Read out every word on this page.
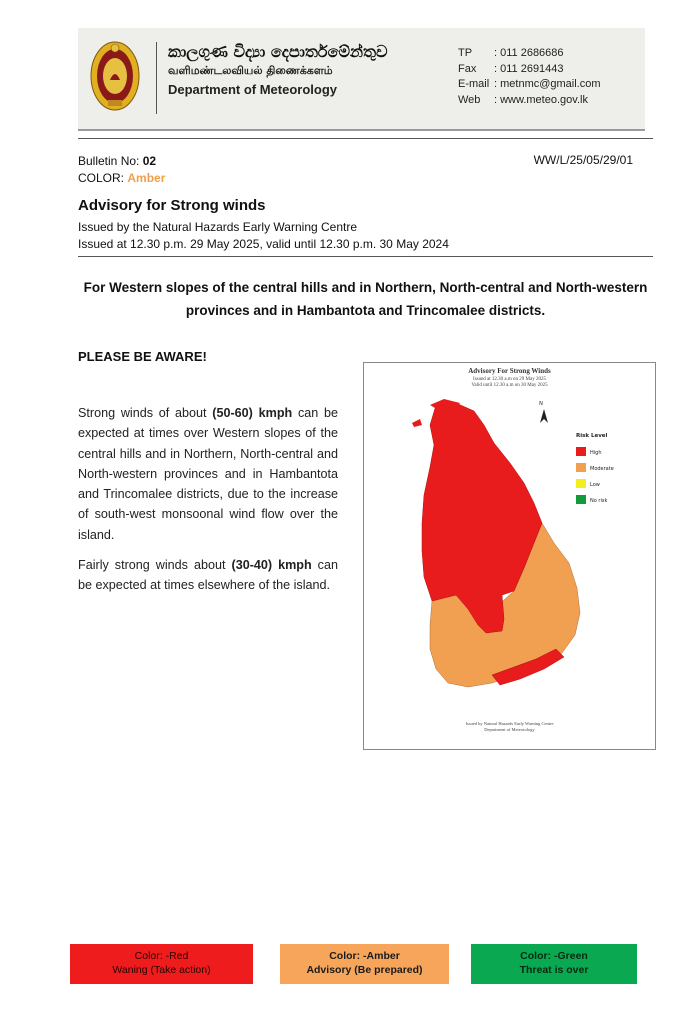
කාලගුණ විද්‍යා දෙපාර්තමේන්තුව
வளிமண்டலவியல் திணைக்களம்
Department of Meteorology
TP	: 011 2686686
Fax	: 011 2691443
E-mail : metnmc@gmail.com
Web	: www.meteo.gov.lk
Bulletin No: 02
COLOR: Amber
WW/L/25/05/29/01
Advisory for Strong winds
Issued by the Natural Hazards Early Warning Centre
Issued at 12.30 p.m. 29 May 2025, valid until 12.30 p.m. 30 May 2024
For Western slopes of the central hills and in Northern, North-central and North-western provinces and in Hambantota and Trincomalee districts.
PLEASE BE AWARE!
Strong winds of about (50-60) kmph can be expected at times over Western slopes of the central hills and in Northern, North-central and North-western provinces and in Hambantota and Trincomalee districts, due to the increase of south-west monsoonal wind flow over the island.
Fairly strong winds about (30-40) kmph can be expected at times elsewhere of the island.
Advisory For Strong Winds
Issued at 12.30 a.m on 29 May 2025
Valid until 12.30 a.m on 30 May 2025
N
Risk Level
High
Moderate
Low
No risk
Issued by Natural Hazards Early Warning Centre
Department of Meteorology
Color: -Red
Waning (Take action)
Color: -Amber
Advisory (Be prepared)
Color: -Green
Threat is over
